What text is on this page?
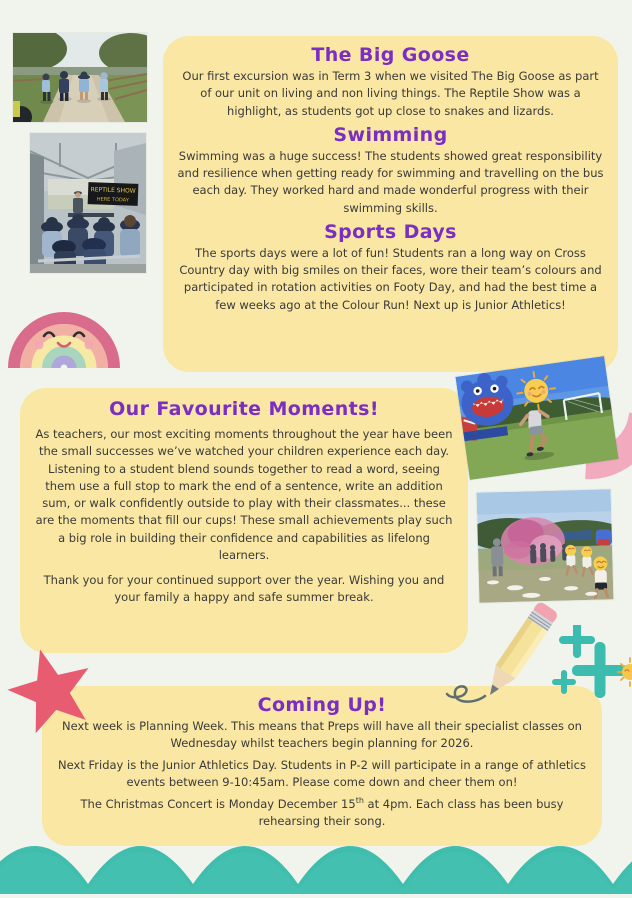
REPTILE SHOW
HERE TODAY
The Big Goose

Our first excursion was in Term 3 when we visited The Big Goose as part of our unit on living and non living things. The Reptile Show was a highlight, as students got up close to snakes and lizards.

Swimming

Swimming was a huge success! The students showed great responsibility and resilience when getting ready for swimming and travelling on the bus each day. They worked hard and made wonderful progress with their swimming skills.

Sports Days

The sports days were a lot of fun! Students ran a long way on Cross Country day with big smiles on their faces, wore their team’s colours and participated in rotation activities on Footy Day, and had the best time a few weeks ago at the Colour Run! Next up is Junior Athletics!

Our Favourite Moments!

As teachers, our most exciting moments throughout the year have been the small successes we’ve watched your children experience each day. Listening to a student blend sounds together to read a word, seeing them use a full stop to mark the end of a sentence, write an addition sum, or walk confidently outside to play with their classmates... these are the moments that fill our cups! These small achievements play such a big role in building their confidence and capabilities as lifelong learners.

Thank you for your continued support over the year. Wishing you and your family a happy and safe summer break.

Coming Up!

Next week is Planning Week. This means that Preps will have all their specialist classes on Wednesday whilst teachers begin planning for 2026.

Next Friday is the Junior Athletics Day. Students in P-2 will participate in a range of athletics events between 9-10:45am. Please come down and cheer them on!

The Christmas Concert is Monday December 15th at 4pm. Each class has been busy rehearsing their song.
